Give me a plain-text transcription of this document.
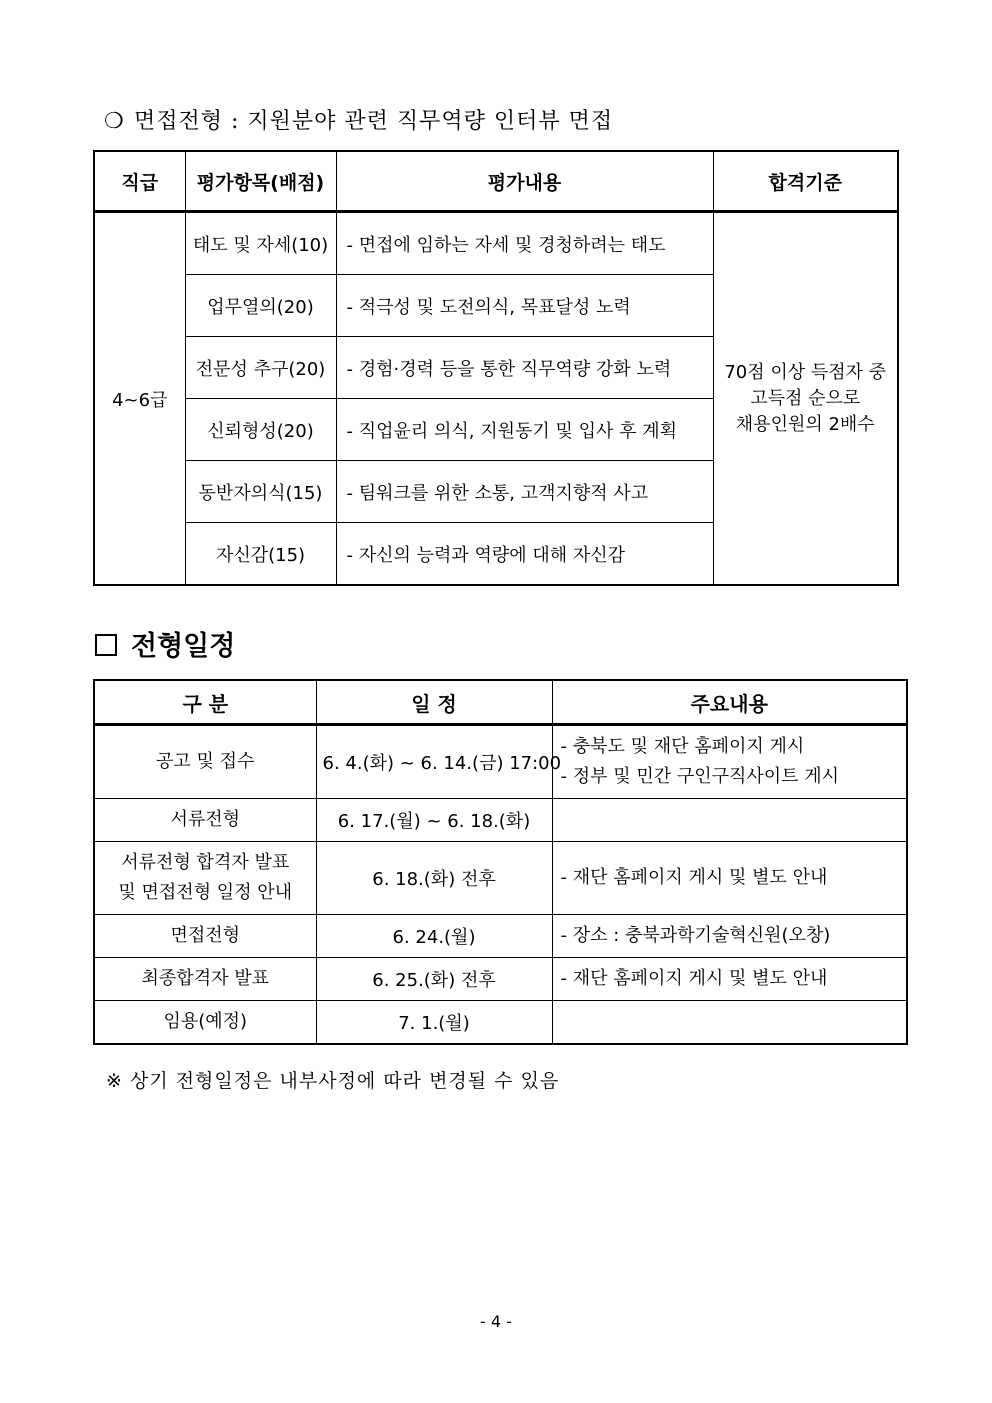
❍ 면접전형 : 지원분야 관련 직무역량 인터뷰 면접
직급	평가항목(배점)	평가내용	합격기준
4~6급	태도 및 자세(10)	- 면접에 임하는 자세 및 경청하려는 태도	70점 이상 득점자 중
고득점 순으로
채용인원의 2배수

	업무열의(20)	- 적극성 및 도전의식, 목표달성 노력	
	전문성 추구(20)	- 경험·경력 등을 통한 직무역량 강화 노력	
	신뢰형성(20)	- 직업윤리 의식, 지원동기 및 입사 후 계획	
	동반자의식(15)	- 팀워크를 위한 소통, 고객지향적 사고	
	자신감(15)	- 자신의 능력과 역량에 대해 자신감	
전형일정
구 분	일 정	주요내용
공고 및 접수	6. 4.(화) ~ 6. 14.(금) 17:00	- 충북도 및 재단 홈페이지 게시
- 정부 및 민간 구인구직사이트 게시

서류전형	6. 17.(월) ~ 6. 18.(화)	

서류전형 합격자 발표
및 면접전형 일정 안내	6. 18.(화) 전후	- 재단 홈페이지 게시 및 별도 안내

면접전형	6. 24.(월)	- 장소 : 충북과학기술혁신원(오창)

최종합격자 발표	6. 25.(화) 전후	- 재단 홈페이지 게시 및 별도 안내

임용(예정)	7. 1.(월)	
※ 상기 전형일정은 내부사정에 따라 변경될 수 있음
- 4 -
